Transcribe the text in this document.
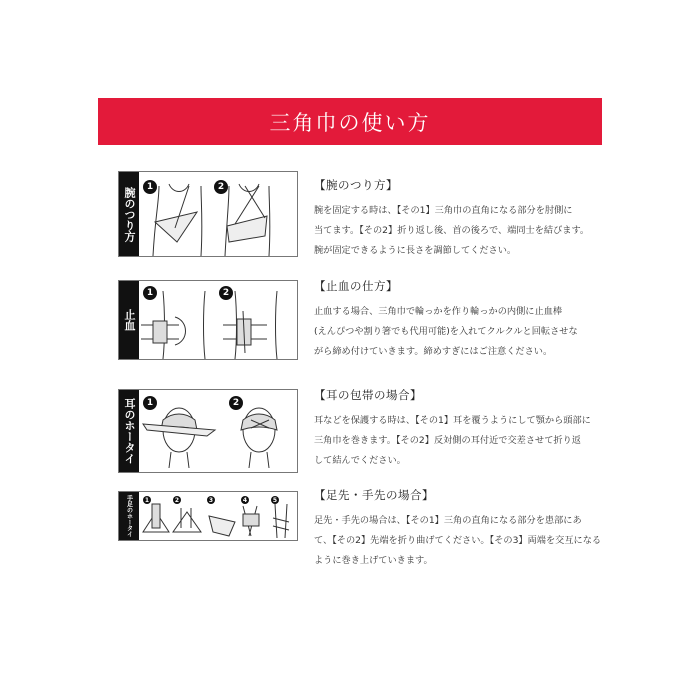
三角巾の使い方
腕のつり方	1	2	【腕のつり方】

腕を固定する時は、【その1】三角巾の直角になる部分を肘側に
当てます。【その2】折り返し後、首の後ろで、端同士を結びます。
腕が固定できるように長さを調節してください。

止血
1	2	【止血の仕方】

止血する場合、三角巾で輪っかを作り輪っかの内側に止血棒
(えんぴつや割り箸でも代用可能)を入れてクルクルと回転させな
がら締め付けていきます。締めすぎにはご注意ください。

耳のホータイ	1	2

【耳の包帯の場合】

耳などを保護する時は、【その1】耳を覆うようにして顎から頭部に
三角巾を巻きます。【その2】反対側の耳付近で交差させて折り返
して結んでください。

手足のホータイ	1	2	3	4	5	【足先・手先の場合】

足先・手先の場合は、【その1】三角の直角になる部分を患部にあ
て、【その2】先端を折り曲げてください。【その3】両端を交互になる
ように巻き上げていきます。
